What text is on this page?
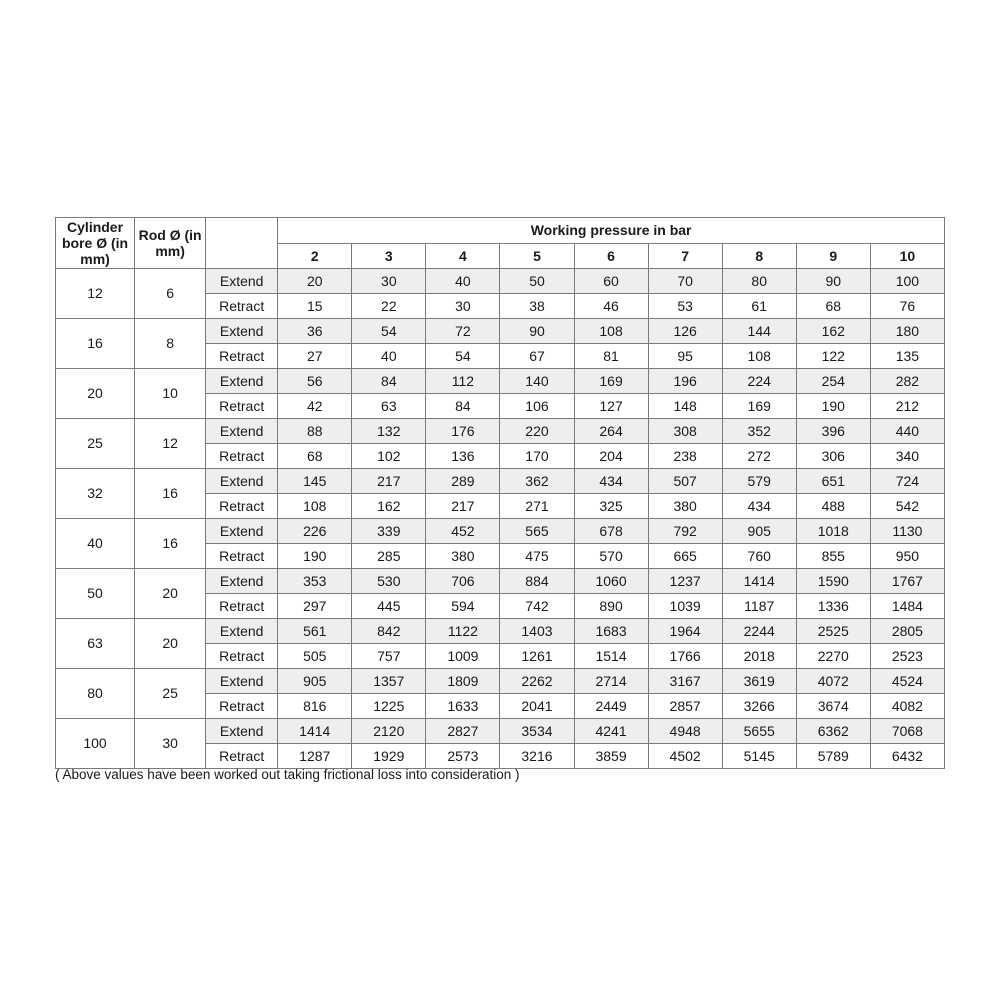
Cylinder bore Ø (in mm)	Rod Ø (in mm)		Working pressure in bar								
			2	3	4	5	6	7	8	9	10
12	6	Extend	20	30	40	50	60	70	80	90	100
		Retract	15	22	30	38	46	53	61	68	76
16	8	Extend	36	54	72	90	108	126	144	162	180
		Retract	27	40	54	67	81	95	108	122	135
20	10	Extend	56	84	112	140	169	196	224	254	282
		Retract	42	63	84	106	127	148	169	190	212
25	12	Extend	88	132	176	220	264	308	352	396	440
		Retract	68	102	136	170	204	238	272	306	340
32	16	Extend	145	217	289	362	434	507	579	651	724
		Retract	108	162	217	271	325	380	434	488	542
40	16	Extend	226	339	452	565	678	792	905	1018	1130
		Retract	190	285	380	475	570	665	760	855	950
50	20	Extend	353	530	706	884	1060	1237	1414	1590	1767
		Retract	297	445	594	742	890	1039	1187	1336	1484
63	20	Extend	561	842	1122	1403	1683	1964	2244	2525	2805
		Retract	505	757	1009	1261	1514	1766	2018	2270	2523
80	25	Extend	905	1357	1809	2262	2714	3167	3619	4072	4524
		Retract	816	1225	1633	2041	2449	2857	3266	3674	4082
100	30	Extend	1414	2120	2827	3534	4241	4948	5655	6362	7068
		Retract	1287	1929	2573	3216	3859	4502	5145	5789	6432
( Above values have been worked out taking frictional loss into consideration )
